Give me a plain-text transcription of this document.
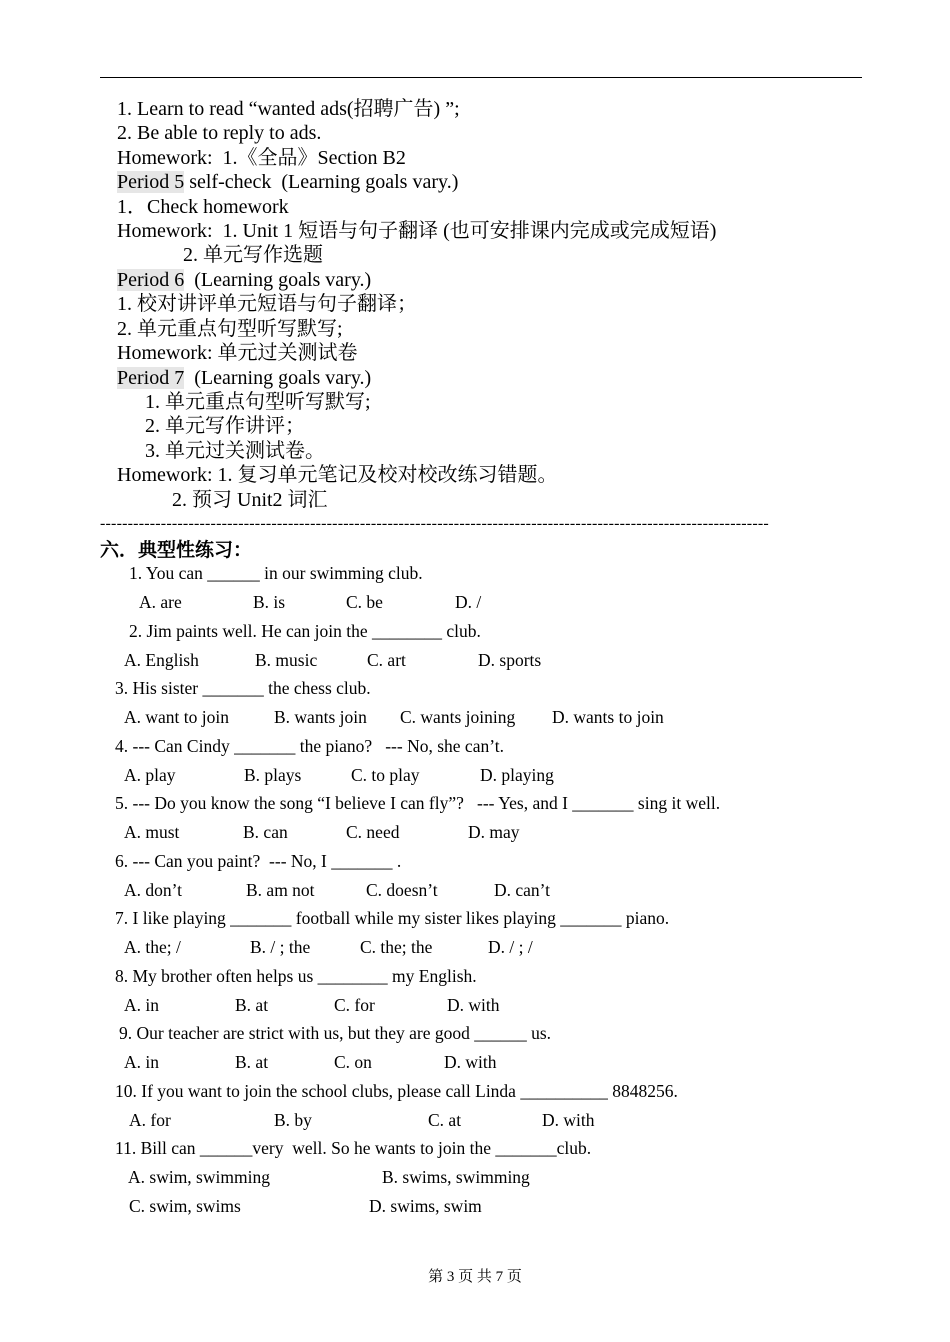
1. Learn to read “wanted ads(招聘广告) ”;
2. Be able to reply to ads.
Homework:  1.《全品》Section B2
Period 5 self-check  (Learning goals vary.)
1．Check homework
Homework:  1. Unit 1 短语与句子翻译 (也可安排课内完成或完成短语)
2. 单元写作选题
Period 6  (Learning goals vary.)
1. 校对讲评单元短语与句子翻译；
2. 单元重点句型听写默写;
Homework: 单元过关测试卷
Period 7  (Learning goals vary.)
1. 单元重点句型听写默写;
2. 单元写作讲评；
3. 单元过关测试卷。
Homework: 1. 复习单元笔记及校对校改练习错题。
2. 预习 Unit2 词汇
-------------------------------------------------------------------------------------------------------------------------
六．典型性练习：
1. You can ______ in our swimming club.
A. are	B. is	C. be	D. /
2. Jim paints well. He can join the ________ club.
A. English	B. music	C. art	D. sports
3. His sister _______ the chess club.
A. want to join	B. wants join C. wants joining D. wants to join
4. --- Can Cindy _______ the piano?   --- No, she can’t.
A. play	B. plays	C. to play	D. playing
5. --- Do you know the song “I believe I can fly”?   --- Yes, and I _______ sing it well.
A. must	B. can	C. need	D. may
6. --- Can you paint?  --- No, I _______ .
A. don’t	B. am not	C. doesn’t	D. can’t
7. I like playing _______ football while my sister likes playing _______ piano.
A. the; /	B. / ; the	C. the; the	D. / ; /
8. My brother often helps us ________ my English.
A. in	B. at	C. for	D. with
9. Our teacher are strict with us, but they are good ______ us.
A. in	B. at	C. on	D. with
10. If you want to join the school clubs, please call Linda __________ 8848256.
A. for	B. by	C. at	D. with
11. Bill can ______very  well. So he wants to join the _______club.
A. swim, swimming	B. swims, swimming
C. swim, swims	D. swims, swim
第 3 页 共 7 页
